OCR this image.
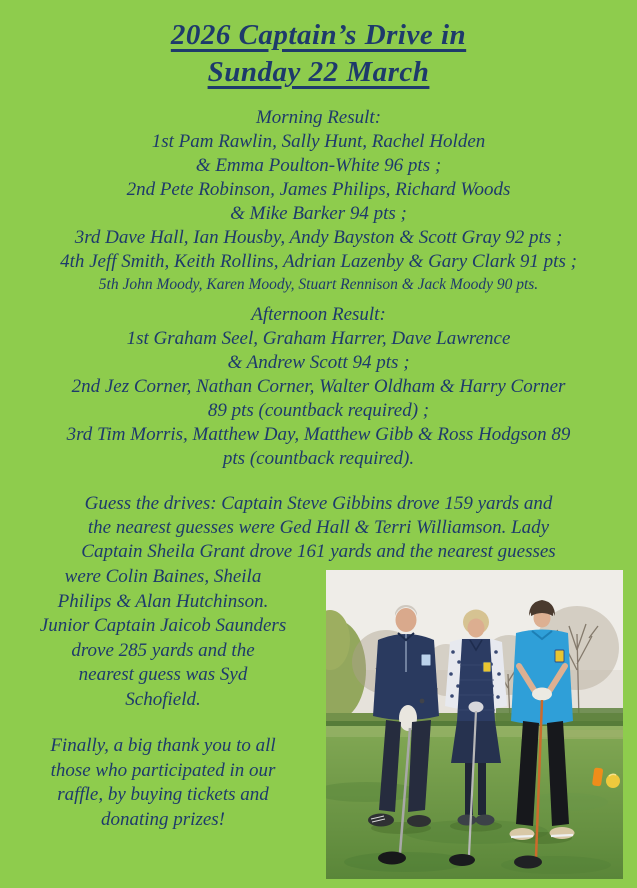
2026 Captain’s Drive in
Sunday 22 March
Morning Result:
1st Pam Rawlin, Sally Hunt, Rachel Holden
& Emma Poulton-White 96 pts ;
2nd Pete Robinson, James Philips, Richard Woods
& Mike Barker 94 pts ;
3rd Dave Hall, Ian Housby, Andy Bayston & Scott Gray 92 pts ;
4th Jeff Smith, Keith Rollins, Adrian Lazenby & Gary Clark 91 pts ;
5th John Moody, Karen Moody, Stuart Rennison & Jack Moody 90 pts.
Afternoon Result:
1st Graham Seel, Graham Harrer, Dave Lawrence
& Andrew Scott 94 pts ;
2nd Jez Corner, Nathan Corner, Walter Oldham & Harry Corner
89 pts (countback required) ;
3rd Tim Morris, Matthew Day, Matthew Gibb & Ross Hodgson 89
pts (countback required).
Guess the drives: Captain Steve Gibbins drove 159 yards and
the nearest guesses were Ged Hall & Terri Williamson. Lady
Captain Sheila Grant drove 161 yards and the nearest guesses
were Colin Baines, Sheila
Philips & Alan Hutchinson.
Junior Captain Jaicob Saunders
drove 285 yards and the
nearest guess was Syd
Schofield.
Finally, a big thank you to all
those who participated in our
raffle, by buying tickets and
donating prizes!
